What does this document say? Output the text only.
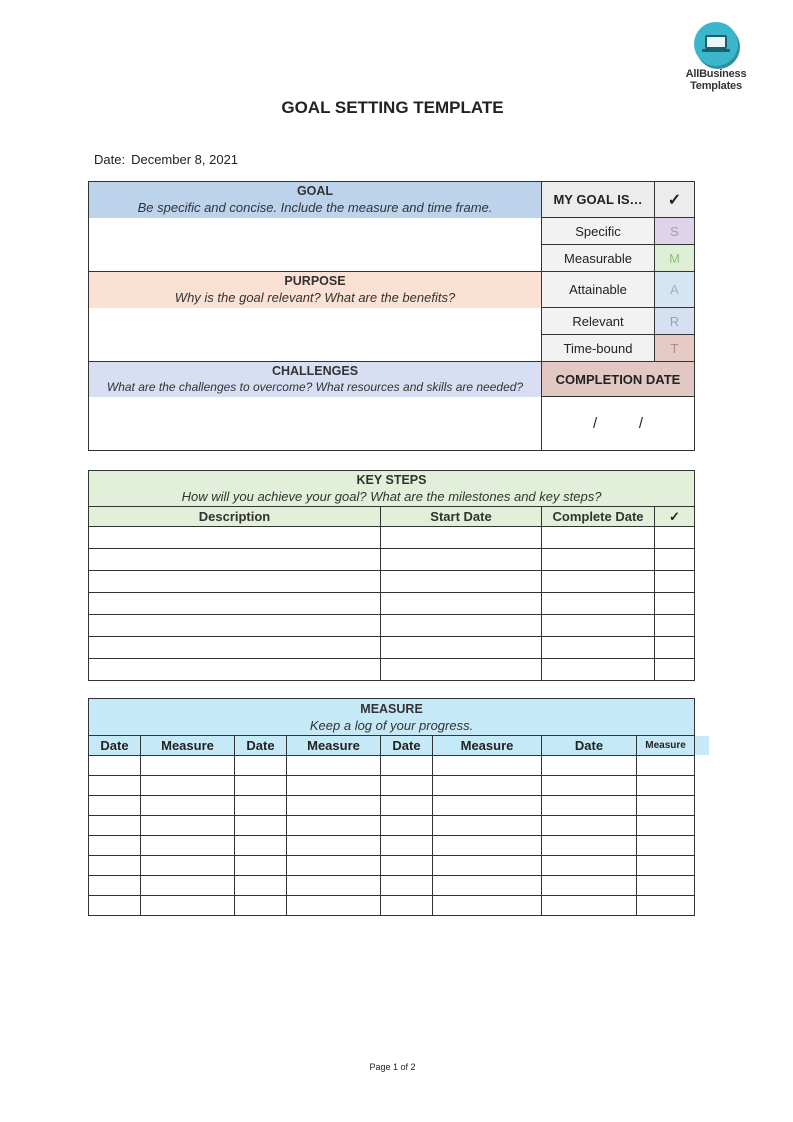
AllBusiness
Templates
GOAL SETTING TEMPLATE
Date: December 8, 2021
GOAL
Be specific and concise. Include the measure and time frame.	MY GOAL IS…	✓
	Specific	S
	Measurable	M

PURPOSE
Why is the goal relevant? What are the benefits?	Attainable	A
	Relevant	R
	Time-bound	T

CHALLENGES
What are the challenges to overcome? What resources and skills are needed?	COMPLETION DATE	
	/          /	
KEY STEPS
How will you achieve your goal? What are the milestones and key steps?			

Description	Start Date	Complete Date	✓

MEASURE
Keep a log of your progress.							

Date	Measure	Date	Measure	Date	Measure	Date	Measure

Page 1 of 2
